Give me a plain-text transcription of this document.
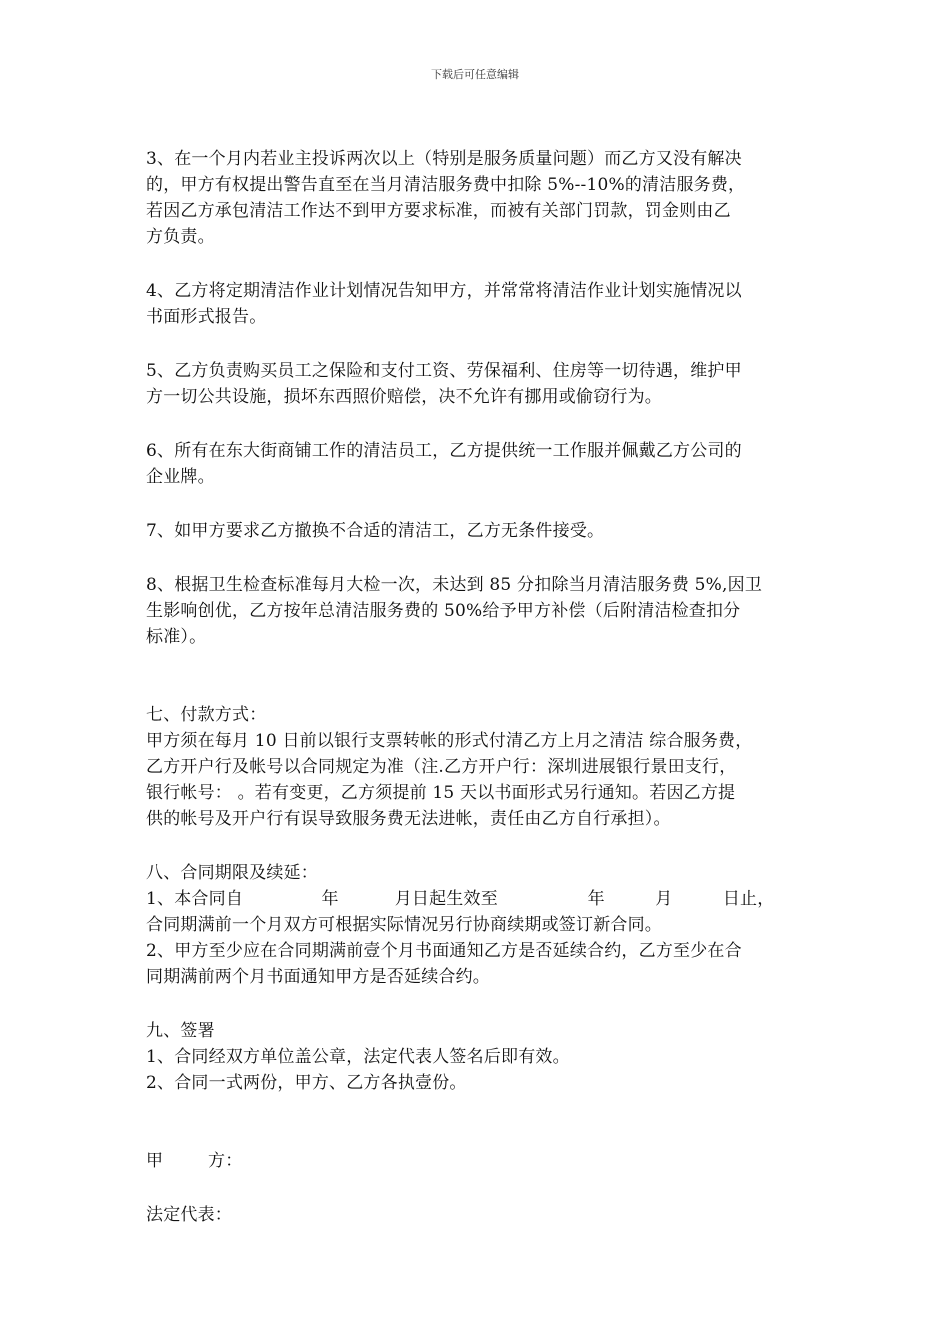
下载后可任意编辑
3、在一个月内若业主投诉两次以上（特别是服务质量问题）而乙方又没有解决
的，甲方有权提出警告直至在当月清洁服务费中扣除 5%--10%的清洁服务费，
若因乙方承包清洁工作达不到甲方要求标准，而被有关部门罚款，罚金则由乙
方负责。
4、乙方将定期清洁作业计划情况告知甲方，并常常将清洁作业计划实施情况以
书面形式报告。
5、乙方负责购买员工之保险和支付工资、劳保福利、住房等一切待遇，维护甲
方一切公共设施，损坏东西照价赔偿，决不允许有挪用或偷窃行为。
6、所有在东大街商铺工作的清洁员工，乙方提供统一工作服并佩戴乙方公司的
企业牌。
7、如甲方要求乙方撤换不合适的清洁工，乙方无条件接受。
8、根据卫生检查标准每月大检一次，未达到 85 分扣除当月清洁服务费 5%,因卫
生影响创优，乙方按年总清洁服务费的 50%给予甲方补偿（后附清洁检查扣分
标准）。
七、付款方式：
甲方须在每月 10 日前以银行支票转帐的形式付清乙方上月之清洁 综合服务费，
乙方开户行及帐号以合同规定为准（注.乙方开户行：深圳进展银行景田支行，
银行帐号： 。若有变更，乙方须提前 15 天以书面形式另行通知。若因乙方提
供的帐号及开户行有误导致服务费无法进帐，责任由乙方自行承担）。
八、合同期限及续延：
1、本合同自              年          月日起生效至                年         月         日止，
合同期满前一个月双方可根据实际情况另行协商续期或签订新合同。
2、甲方至少应在合同期满前壹个月书面通知乙方是否延续合约，乙方至少在合
同期满前两个月书面通知甲方是否延续合约。
九、签署
1、合同经双方单位盖公章，法定代表人签名后即有效。
2、合同一式两份，甲方、乙方各执壹份。
甲        方：
法定代表：
